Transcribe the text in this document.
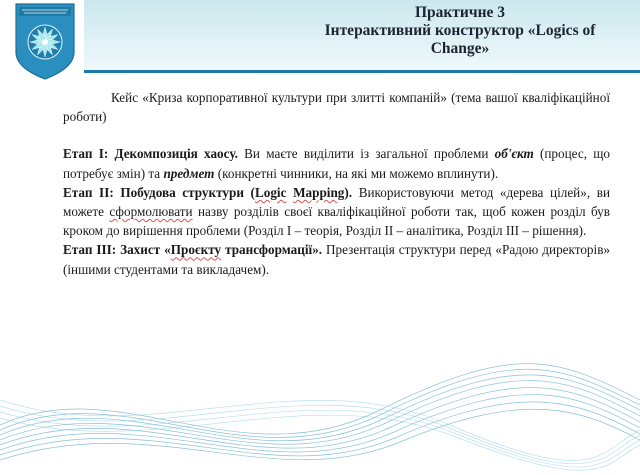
Практичне 3
Інтерактивний конструктор «Logics of
Change»

Кейс «Криза корпоративної культури при злитті компаній» (тема вашої кваліфікаційної роботи)

Етап І: Декомпозиція хаосу. Ви маєте виділити із загальної проблеми об'єкт (процес, що потребує змін) та предмет (конкретні чинники, на які ми можемо вплинути).

Етап ІІ: Побудова структури (Logic Mapping). Використовуючи метод «дерева цілей», ви можете сформолювати назву розділів своєї кваліфікаційної роботи так, щоб кожен розділ був кроком до вирішення проблеми (Розділ І – теорія, Розділ ІІ – аналітика, Розділ ІІІ – рішення).

Етап ІІІ: Захист «Проєкту трансформації». Презентація структури перед «Радою директорів» (іншими студентами та викладачем).
